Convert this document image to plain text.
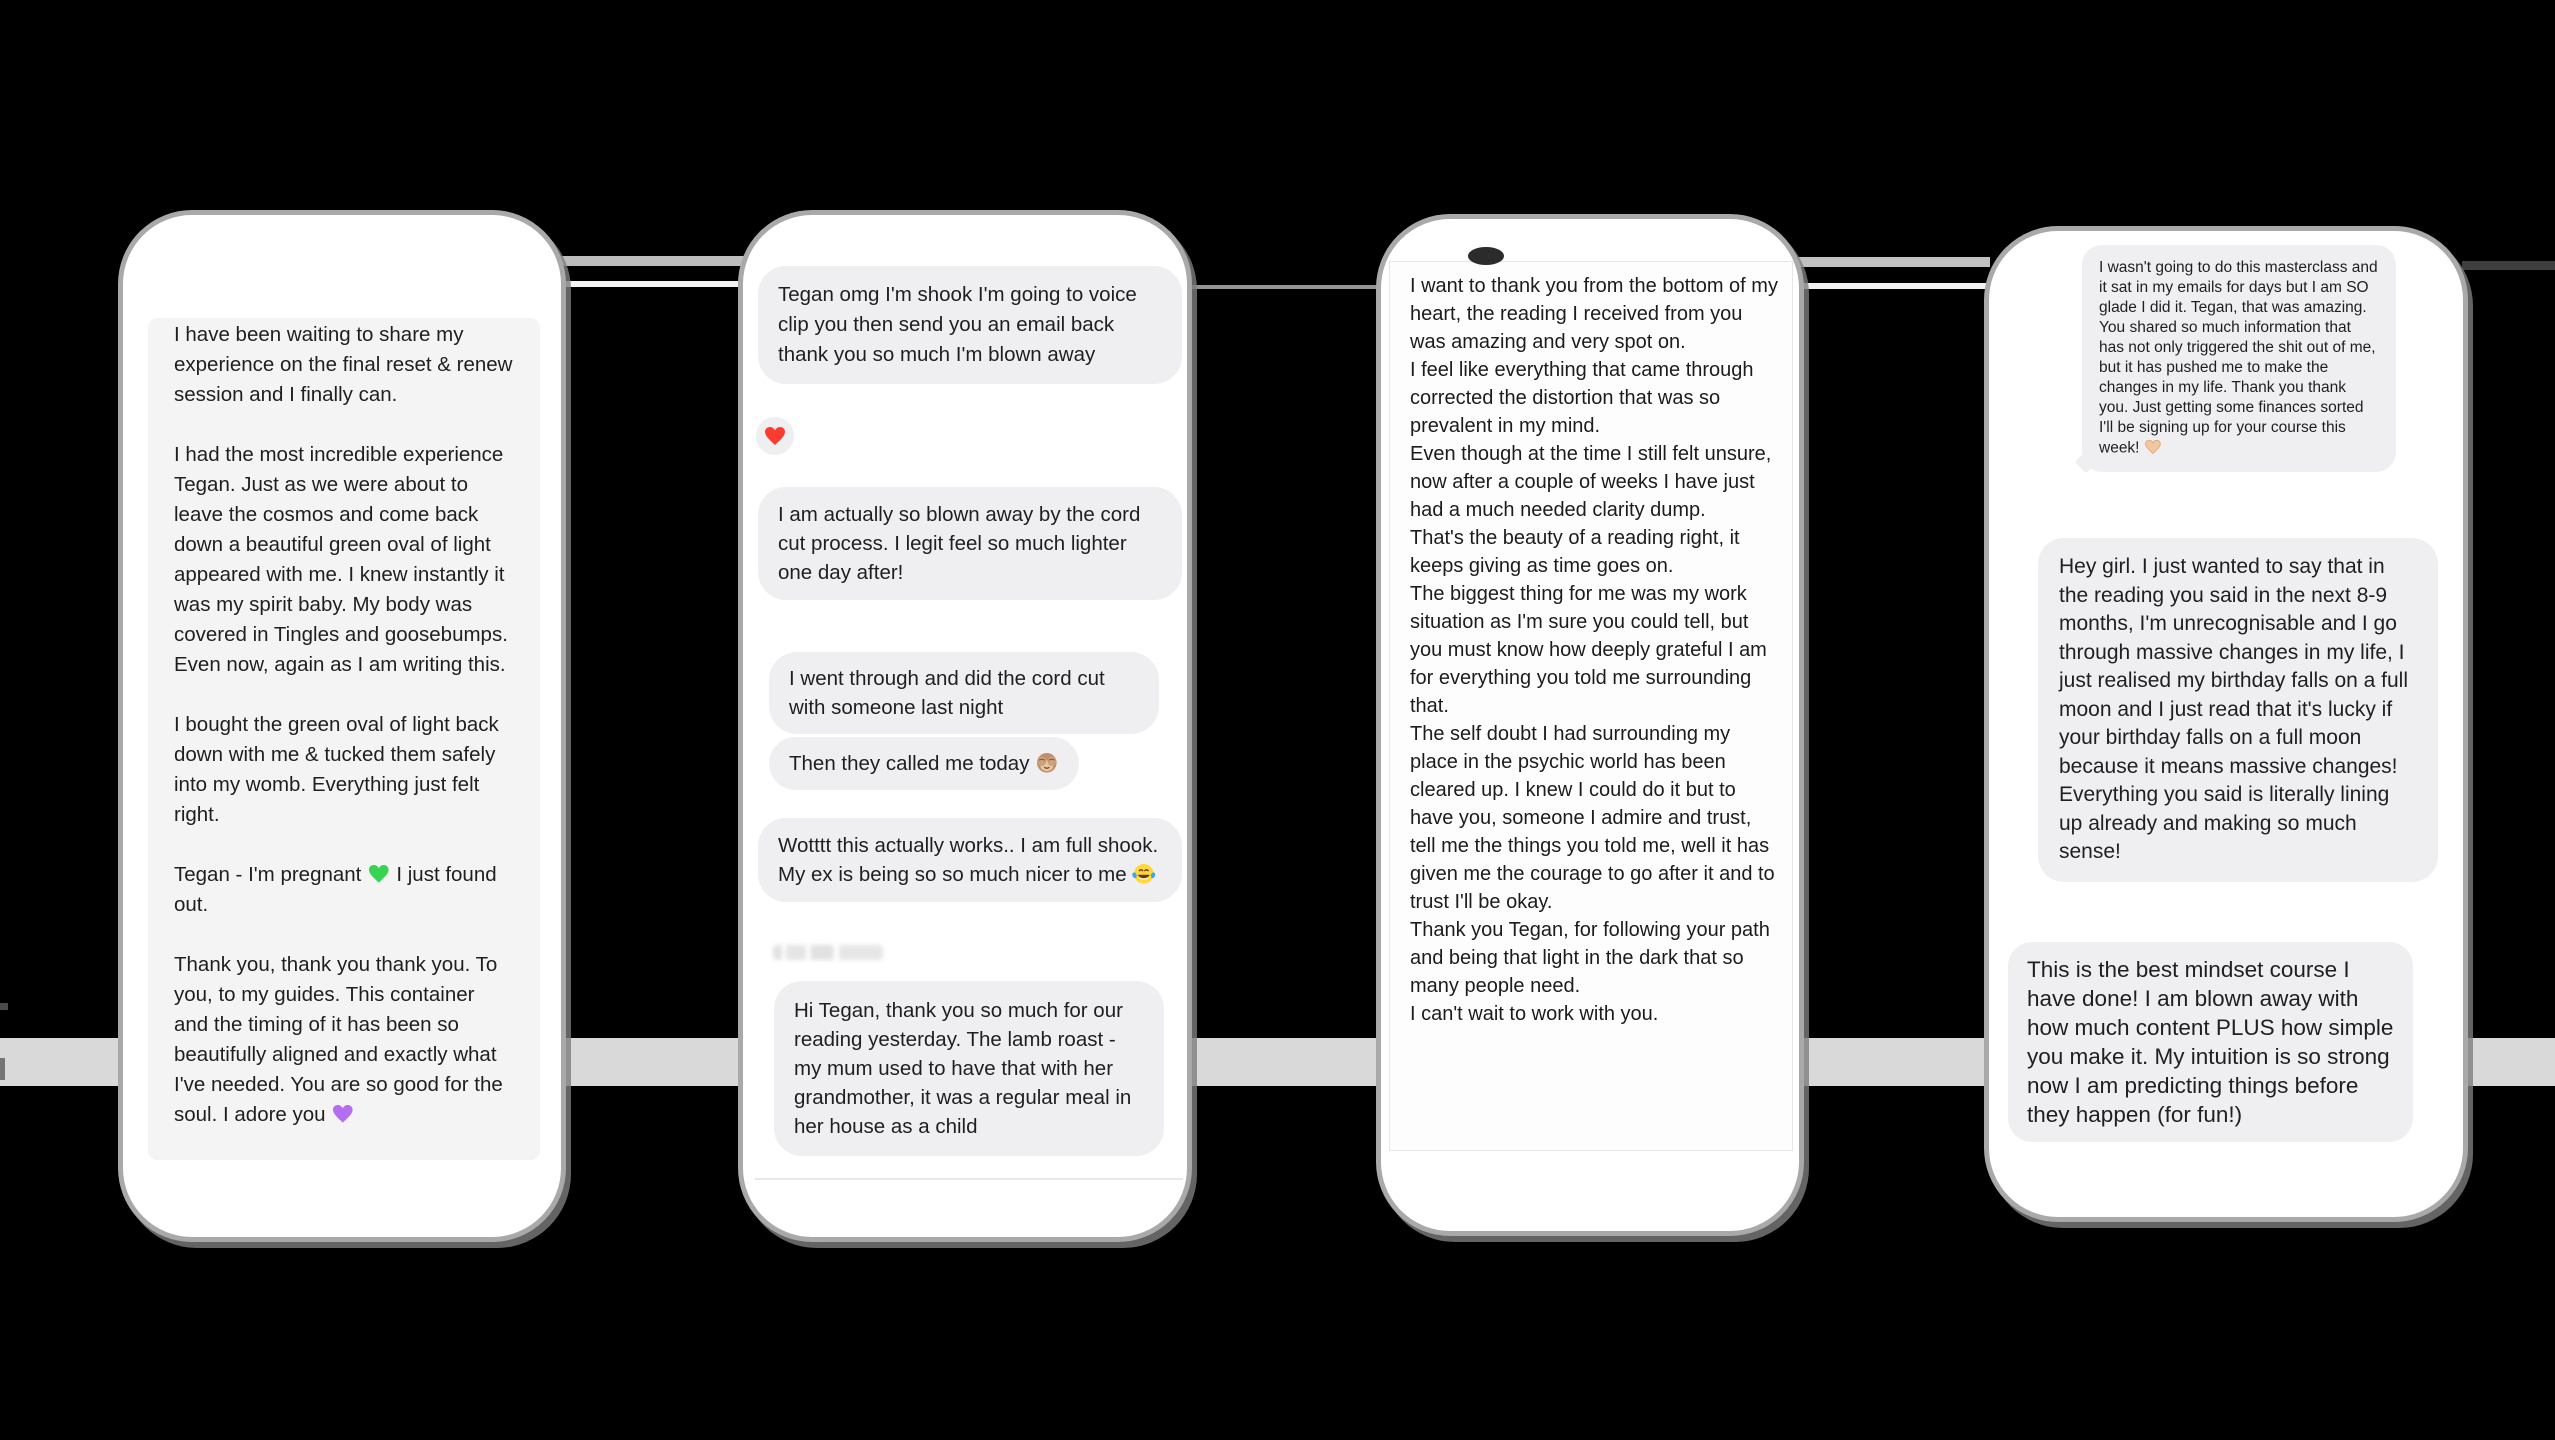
I have been waiting to share my experience on the final reset & renew session and I finally can.

I had the most incredible experience Tegan. Just as we were about to leave the cosmos and come back down a beautiful green oval of light appeared with me. I knew instantly it was my spirit baby. My body was covered in Tingles and goosebumps. Even now, again as I am writing this.

I bought the green oval of light back down with me & tucked them safely into my womb. Everything just felt right.

Tegan - I'm pregnant
I just found out.

Thank you, thank you thank you. To you, to my guides. This container and the timing of it has been so beautifully aligned and exactly what I've needed. You are so good for the soul. I adore you

Tegan omg I'm shook I'm going to voice clip you then send you an email back thank you so much I'm blown away
I am actually so blown away by the cord cut process. I legit feel so much lighter one day after!
I went through and did the cord cut with someone last night
Then they called me today
Wotttt this actually works.. I am full shook. My ex is being so so much nicer to me
Hi Tegan, thank you so much for our reading yesterday. The lamb roast - my mum used to have that with her grandmother, it was a regular meal in her house as a child
I want to thank you from the bottom of my heart, the reading I received from you was amazing and very spot on.
I feel like everything that came through corrected the distortion that was so prevalent in my mind.
Even though at the time I still felt unsure, now after a couple of weeks I have just had a much needed clarity dump.
That's the beauty of a reading right, it keeps giving as time goes on.
The biggest thing for me was my work situation as I'm sure you could tell, but you must know how deeply grateful I am for everything you told me surrounding that.
The self doubt I had surrounding my place in the psychic world has been cleared up. I knew I could do it but to have you, someone I admire and trust, tell me the things you told me, well it has given me the courage to go after it and to trust I'll be okay.
Thank you Tegan, for following your path and being that light in the dark that so many people need.
I can't wait to work with you.
I wasn't going to do this masterclass and it sat in my emails for days but I am SO glade I did it. Tegan, that was amazing. You shared so much information that has not only triggered the shit out of me, but it has pushed me to make the changes in my life. Thank you thank you. Just getting some finances sorted I'll be signing up for your course this week!
Hey girl. I just wanted to say that in the reading you said in the next 8-9 months, I'm unrecognisable and I go through massive changes in my life, I just realised my birthday falls on a full moon and I just read that it's lucky if your birthday falls on a full moon because it means massive changes!
Everything you said is literally lining up already and making so much sense!
This is the best mindset course I have done! I am blown away with how much content PLUS how simple you make it. My intuition is so strong now I am predicting things before they happen (for fun!)
